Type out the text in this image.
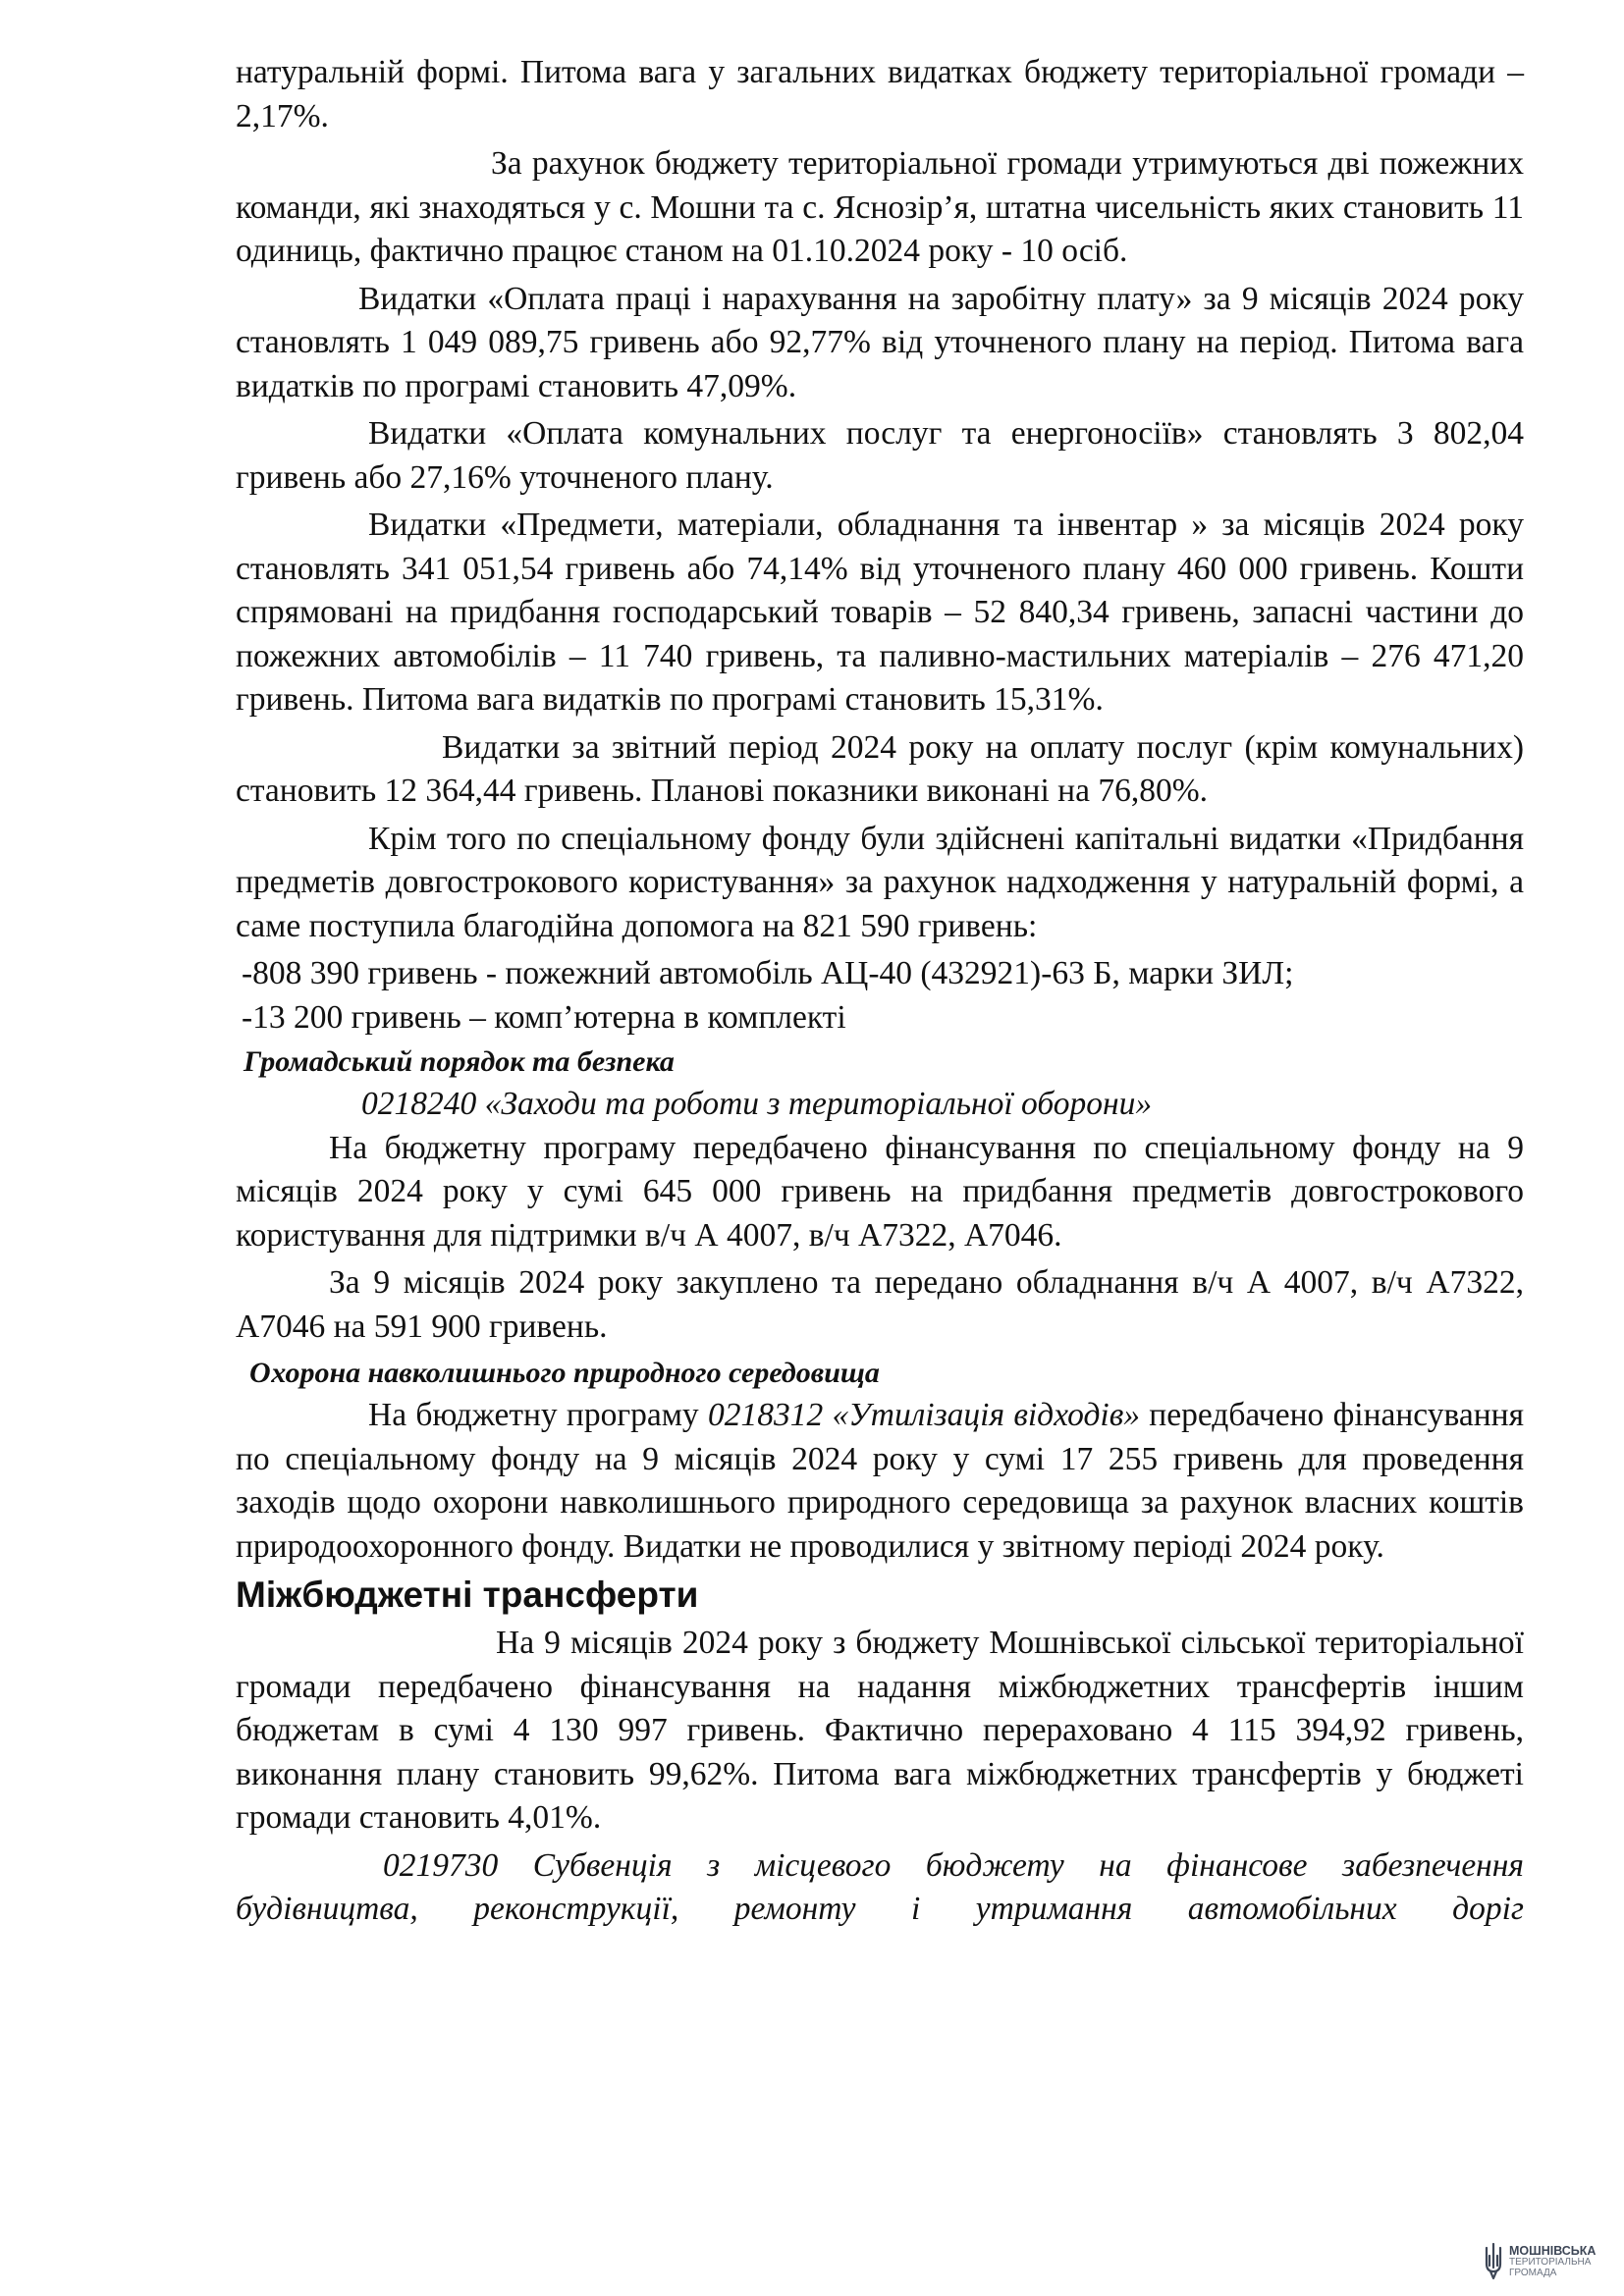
натуральній формі. Питома вага у загальних видатках бюджету територіальної громади – 2,17%.

За рахунок бюджету територіальної громади утримуються дві пожежних команди, які знаходяться у с. Мошни та с. Яснозір’я, штатна чисельність яких становить 11 одиниць, фактично працює станом на 01.10.2024 року - 10 осіб.

Видатки «Оплата праці і нарахування на заробітну плату» за 9 місяців 2024 року становлять 1 049 089,75 гривень або 92,77% від уточненого плану на період. Питома вага видатків по програмі становить 47,09%.

Видатки «Оплата комунальних послуг та енергоносіїв» становлять 3 802,04 гривень або 27,16% уточненого плану.

Видатки «Предмети, матеріали, обладнання та інвентар » за місяців 2024 року становлять 341 051,54 гривень або 74,14% від уточненого плану 460 000 гривень. Кошти спрямовані на придбання господарський товарів – 52 840,34 гривень, запасні частини до пожежних автомобілів – 11 740 гривень, та паливно-мастильних матеріалів – 276 471,20 гривень. Питома вага видатків по програмі становить 15,31%.

Видатки за звітний період 2024 року на оплату послуг (крім комунальних) становить 12 364,44 гривень. Планові показники виконані на 76,80%.

Крім того по спеціальному фонду були здійснені капітальні видатки «Придбання предметів довгострокового користування» за рахунок надходження у натуральній формі, а саме поступила благодійна допомога на 821 590 гривень:

-808 390 гривень - пожежний автомобіль АЦ-40 (432921)-63 Б, марки ЗИЛ;

-13 200 гривень – комп’ютерна в комплекті

Громадський порядок та безпека

0218240 «Заходи та роботи з територіальної оборони»

На бюджетну програму передбачено фінансування по спеціальному фонду на 9 місяців 2024 року у сумі 645 000 гривень на придбання предметів довгострокового користування для підтримки в/ч А 4007, в/ч А7322, А7046.

За 9 місяців 2024 року закуплено та передано обладнання в/ч А 4007, в/ч А7322, А7046 на 591 900 гривень.

Охорона навколишнього природного середовища

На бюджетну програму 0218312 «Утилізація відходів» передбачено фінансування по спеціальному фонду на 9 місяців 2024 року у сумі 17 255 гривень для проведення заходів щодо охорони навколишнього природного середовища за рахунок власних коштів природоохоронного фонду. Видатки не проводилися у звітному періоді 2024 року.

Міжбюджетні трансферти

На 9 місяців 2024 року з бюджету Мошнівської сільської територіальної громади передбачено фінансування на надання міжбюджетних трансфертів іншим бюджетам в сумі 4 130 997 гривень. Фактично перераховано 4 115 394,92 гривень, виконання плану становить 99,62%. Питома вага міжбюджетних трансфертів у бюджеті громади становить 4,01%.

0219730 Субвенція з місцевого бюджету на фінансове забезпечення будівництва, реконструкції, ремонту і утримання автомобільних доріг

МОШНІВСЬКА
ТЕРИТОРІАЛЬНА
ГРОМАДА
